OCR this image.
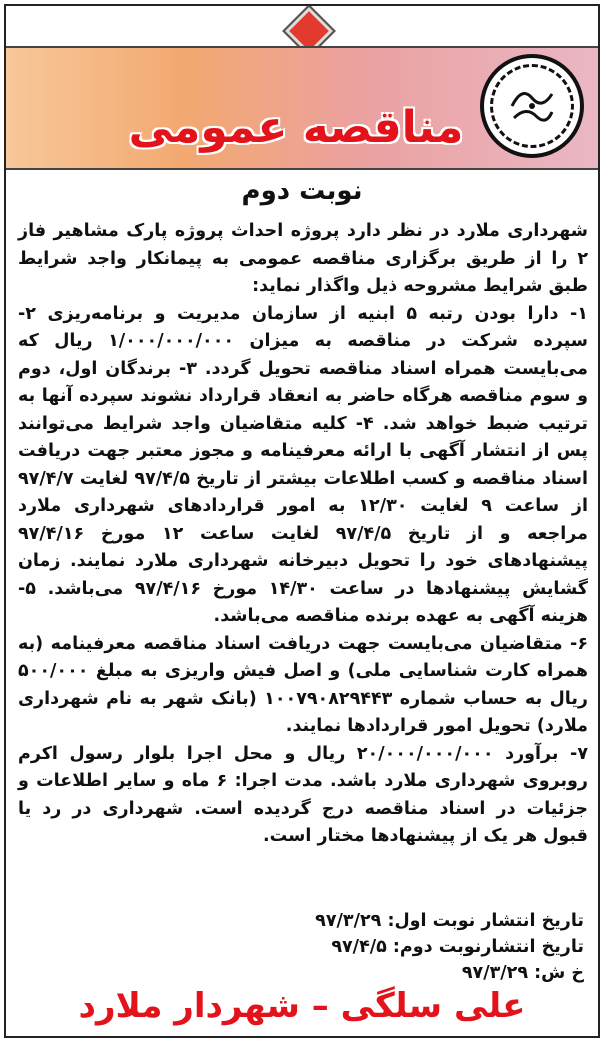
مناقصه عمومی
نوبت دوم

شهرداری ملارد در نظر دارد پروژه احداث پروژه پارک مشاهیر فاز ۲ را از طریق برگزاری مناقصه عمومی به پیمانکار واجد شرایط طبق شرایط مشروحه ذیل واگذار نماید:

۱- دارا بودن رتبه ۵ ابنیه از سازمان مدیریت و برنامه‌ریزی ۲- سپرده شرکت در مناقصه به میزان ۱/۰۰۰/۰۰۰/۰۰۰ ریال که می‌بایست همراه اسناد مناقصه تحویل گردد. ۳- برندگان اول، دوم و سوم مناقصه هرگاه حاضر به انعقاد قرارداد نشوند سپرده آنها به ترتیب ضبط خواهد شد. ۴- کلیه متقاضیان واجد شرایط می‌توانند پس از انتشار آگهی با ارائه معرفینامه و مجوز معتبر جهت دریافت اسناد مناقصه و کسب اطلاعات بیشتر از تاریخ ۹۷/۴/۵ لغایت ۹۷/۴/۷ از ساعت ۹ لغایت ۱۲/۳۰ به امور قراردادهای شهرداری ملارد مراجعه و از تاریخ ۹۷/۴/۵ لغایت ساعت ۱۲ مورخ ۹۷/۴/۱۶ پیشنهادهای خود را تحویل دبیرخانه شهرداری ملارد نمایند. زمان گشایش پیشنهادها در ساعت ۱۴/۳۰ مورخ ۹۷/۴/۱۶ می‌باشد. ۵- هزینه آگهی به عهده برنده مناقصه می‌باشد.

۶- متقاضیان می‌بایست جهت دریافت اسناد مناقصه معرفینامه (به همراه کارت شناسایی ملی) و اصل فیش واریزی به مبلغ ۵۰۰/۰۰۰ ریال به حساب شماره ۱۰۰۷۹۰۸۲۹۴۴۳ (بانک شهر به نام شهرداری ملارد) تحویل امور قراردادها نمایند.

۷- برآورد ۲۰/۰۰۰/۰۰۰/۰۰۰ ریال و محل اجرا بلوار رسول اکرم روبروی شهرداری ملارد باشد. مدت اجرا: ۶ ماه و سایر اطلاعات و جزئیات در اسناد مناقصه درج گردیده است. شهرداری در رد یا قبول هر یک از پیشنهادها مختار است.

تاریخ انتشار نوبت اول: ۹۷/۳/۲۹
تاریخ انتشارنوبت دوم: ۹۷/۴/۵
خ ش: ۹۷/۳/۲۹
علی سلگی – شهردار ملارد
